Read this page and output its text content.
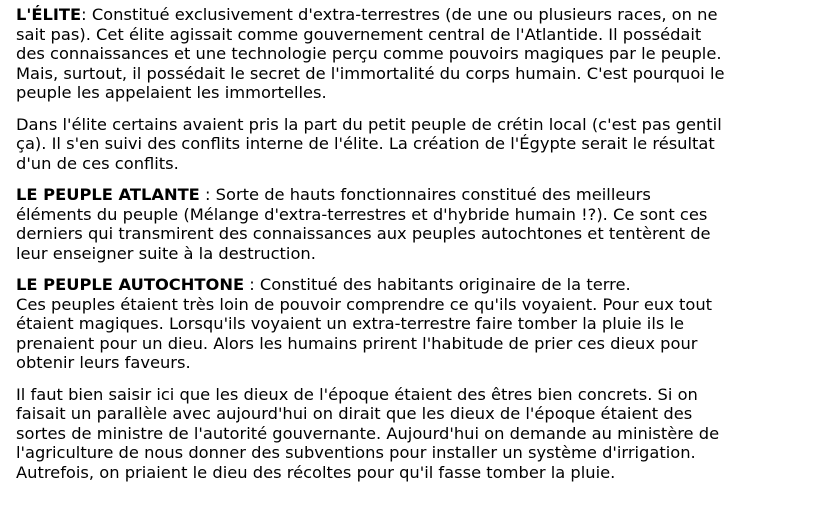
L'ÉLITE: Constitué exclusivement d'extra-terrestres (de une ou plusieurs races, on ne
sait pas). Cet élite agissait comme gouvernement central de l'Atlantide. Il possédait
des connaissances et une technologie perçu comme pouvoirs magiques par le peuple.
Mais, surtout, il possédait le secret de l'immortalité du corps humain. C'est pourquoi le
peuple les appelaient les immortelles.

Dans l'élite certains avaient pris la part du petit peuple de crétin local (c'est pas gentil
ça). Il s'en suivi des conflits interne de l'élite. La création de l'Égypte serait le résultat
d'un de ces conflits.

LE PEUPLE ATLANTE : Sorte de hauts fonctionnaires constitué des meilleurs
éléments du peuple (Mélange d'extra-terrestres et d'hybride humain !?). Ce sont ces
derniers qui transmirent des connaissances aux peuples autochtones et tentèrent de
leur enseigner suite à la destruction.

LE PEUPLE AUTOCHTONE : Constitué des habitants originaire de la terre.
Ces peuples étaient très loin de pouvoir comprendre ce qu'ils voyaient. Pour eux tout
étaient magiques. Lorsqu'ils voyaient un extra-terrestre faire tomber la pluie ils le
prenaient pour un dieu. Alors les humains prirent l'habitude de prier ces dieux pour
obtenir leurs faveurs.

Il faut bien saisir ici que les dieux de l'époque étaient des êtres bien concrets. Si on
faisait un parallèle avec aujourd'hui on dirait que les dieux de l'époque étaient des
sortes de ministre de l'autorité gouvernante. Aujourd'hui on demande au ministère de
l'agriculture de nous donner des subventions pour installer un système d'irrigation.
Autrefois, on priaient le dieu des récoltes pour qu'il fasse tomber la pluie.
